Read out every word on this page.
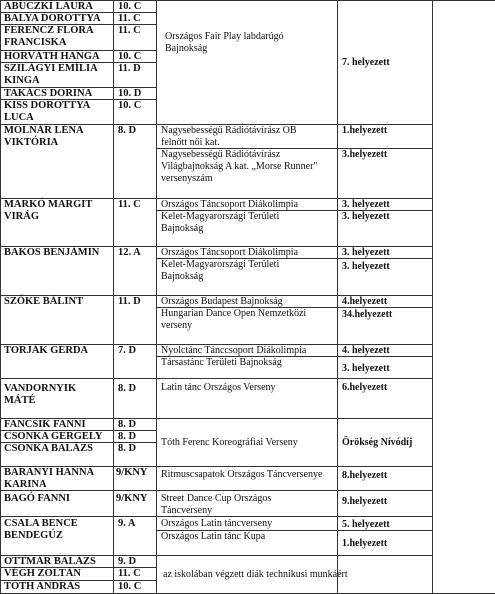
ABUCZKI LAURA
BALYA DOROTTYA
FERENCZ FLÓRA
FRANCISKA
HORVÁTH HANGA
SZILÁGYI EMÍLIA
KINGA
TAKÁCS DORINA
KISS DOROTTYA
LUCA
MOLNÁR LÉNA
VIKTÓRIA
MARKÓ MARGIT
VIRÁG
BAKOS BENJÁMIN
SZŐKE BÁLINT
TORJÁK GERDA
VANDORNYIK
MÁTÉ
FANCSIK FANNI
CSONKA GERGELY
CSONKA BALÁZS
BARANYI HANNA
KARINA
BAGÓ FANNI
CSALA BENCE
BENDEGÚZ
OTTMÁR BALÁZS
VÉGH ZOLTÁN
TÓTH ANDRÁS
10. C
11. C
11. C
10. C
11. D
10. D
10. C
8. D
11. C
12. A
11. D
7. D
8. D
8. D
8. D
8. D
9/KNY
9/KNY
9. A
9. D
11. C
10. C
Országos Fair Play labdarúgó
Bajnokság
Nagysebességű Rádiótávírász OB
felnőtt női kat.
Nagysebességű Rádiótávírász
Világbajnokság A kat. „Morse Runner"
versenyszám
Országos Táncsoport Diákolimpia
Kelet-Magyarországi Területi
Bajnokság
Országos Táncsoport Diákolimpia
Kelet-Magyarországi Területi
Bajnokság
Országos Budapest Bajnokság
Hungarian Dance Open Nemzetközi
verseny
Nyolctánc Tánccsoport Diákolimpia
Társastánc Területi Bajnokság
Latin tánc Országos Verseny
Tóth Ferenc Koreográfiai Verseny
Ritmuscsapatok Országos Táncversenye
Street Dance Cup Országos
Táncverseny
Országos Latin táncverseny
Országos Latin tánc Kupa
az iskolában végzett diák technikusi munkáért
7. helyezett
1.helyezett
3.helyezett
3. helyezett
3. helyezett
3. helyezett
3. helyezett
4.helyezett
34.helyezett
4. helyezett
3. helyezett
6.helyezett
Örökség Nívódíj
8.helyezett
9.helyezett
5. helyezett
1.helyezett
